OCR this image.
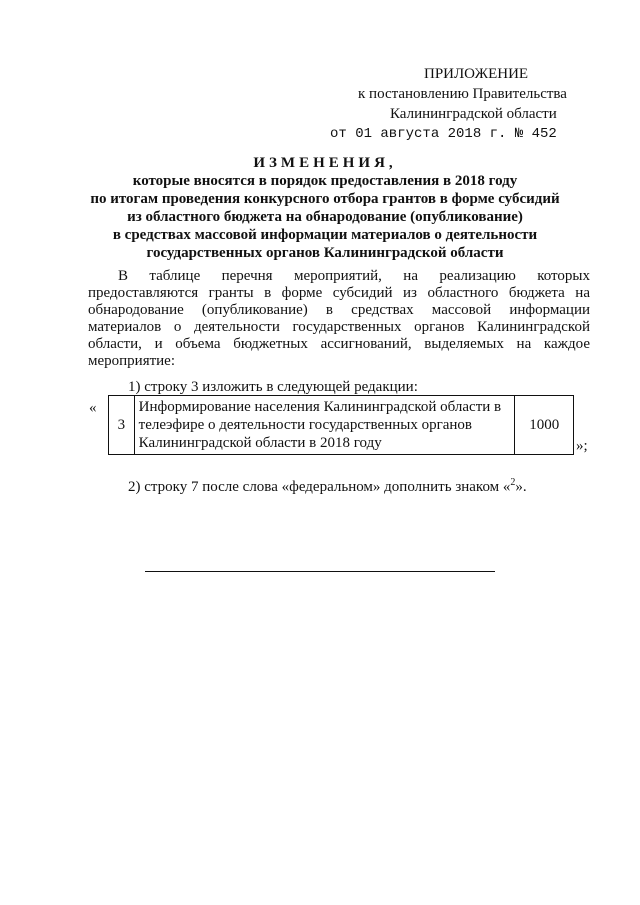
ПРИЛОЖЕНИЕ
к постановлению Правительства
Калининградской области
от 01 августа 2018 г. № 452
ИЗМЕНЕНИЯ,
которые вносятся в порядок предоставления в 2018 году
по итогам проведения конкурсного отбора грантов в форме субсидий
из областного бюджета на обнародование (опубликование)
в средствах массовой информации материалов о деятельности
государственных органов Калининградской области
В таблице перечня мероприятий, на реализацию которых предоставляются гранты в форме субсидий из областного бюджета на обнародование (опубликование) в средствах массовой информации материалов о деятельности государственных органов Калининградской области, и объема бюджетных ассигнований, выделяемых на каждое мероприятие:
1) строку 3 изложить в следующей редакции:
«
3	Информирование населения Калининградской области в телеэфире о деятельности государственных органов Калининградской области в 2018 году	1000
»;
2) строку 7 после слова «федеральном» дополнить знаком «$^2$».
